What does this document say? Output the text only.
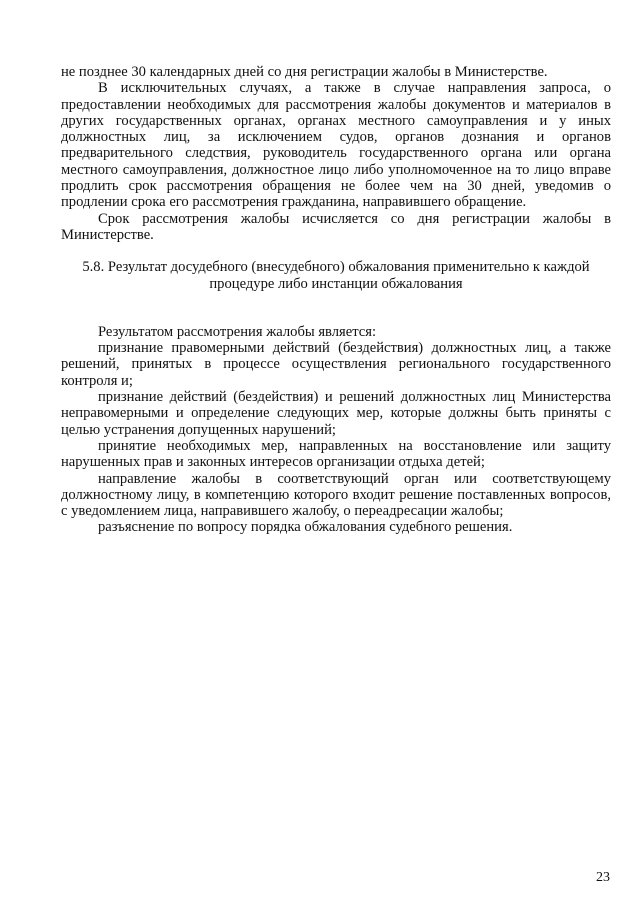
не позднее 30 календарных дней со дня регистрации жалобы в Министерстве.

В исключительных случаях, а также в случае направления запроса, о предоставлении необходимых для рассмотрения жалобы документов и материалов в других государственных органах, органах местного самоуправления и у иных должностных лиц, за исключением судов, органов дознания и органов предварительного следствия, руководитель государственного органа или органа местного самоуправления, должностное лицо либо уполномоченное на то лицо вправе продлить срок рассмотрения обращения не более чем на 30 дней, уведомив о продлении срока его рассмотрения гражданина, направившего обращение.

Срок рассмотрения жалобы исчисляется со дня регистрации жалобы в Министерстве.

5.8. Результат досудебного (внесудебного) обжалования применительно к каждой процедуре либо инстанции обжалования

Результатом рассмотрения жалобы является:

признание правомерными действий (бездействия) должностных лиц, а также решений, принятых в процессе осуществления регионального государственного контроля и;

признание действий (бездействия) и решений должностных лиц Министерства неправомерными и определение следующих мер, которые должны быть приняты с целью устранения допущенных нарушений;

принятие необходимых мер, направленных на восстановление или защиту нарушенных прав и законных интересов организации отдыха детей;

направление жалобы в соответствующий орган или соответствующему должностному лицу, в компетенцию которого входит решение поставленных вопросов, с уведомлением лица, направившего жалобу, о переадресации жалобы;

разъяснение по вопросу порядка обжалования судебного решения.

23
